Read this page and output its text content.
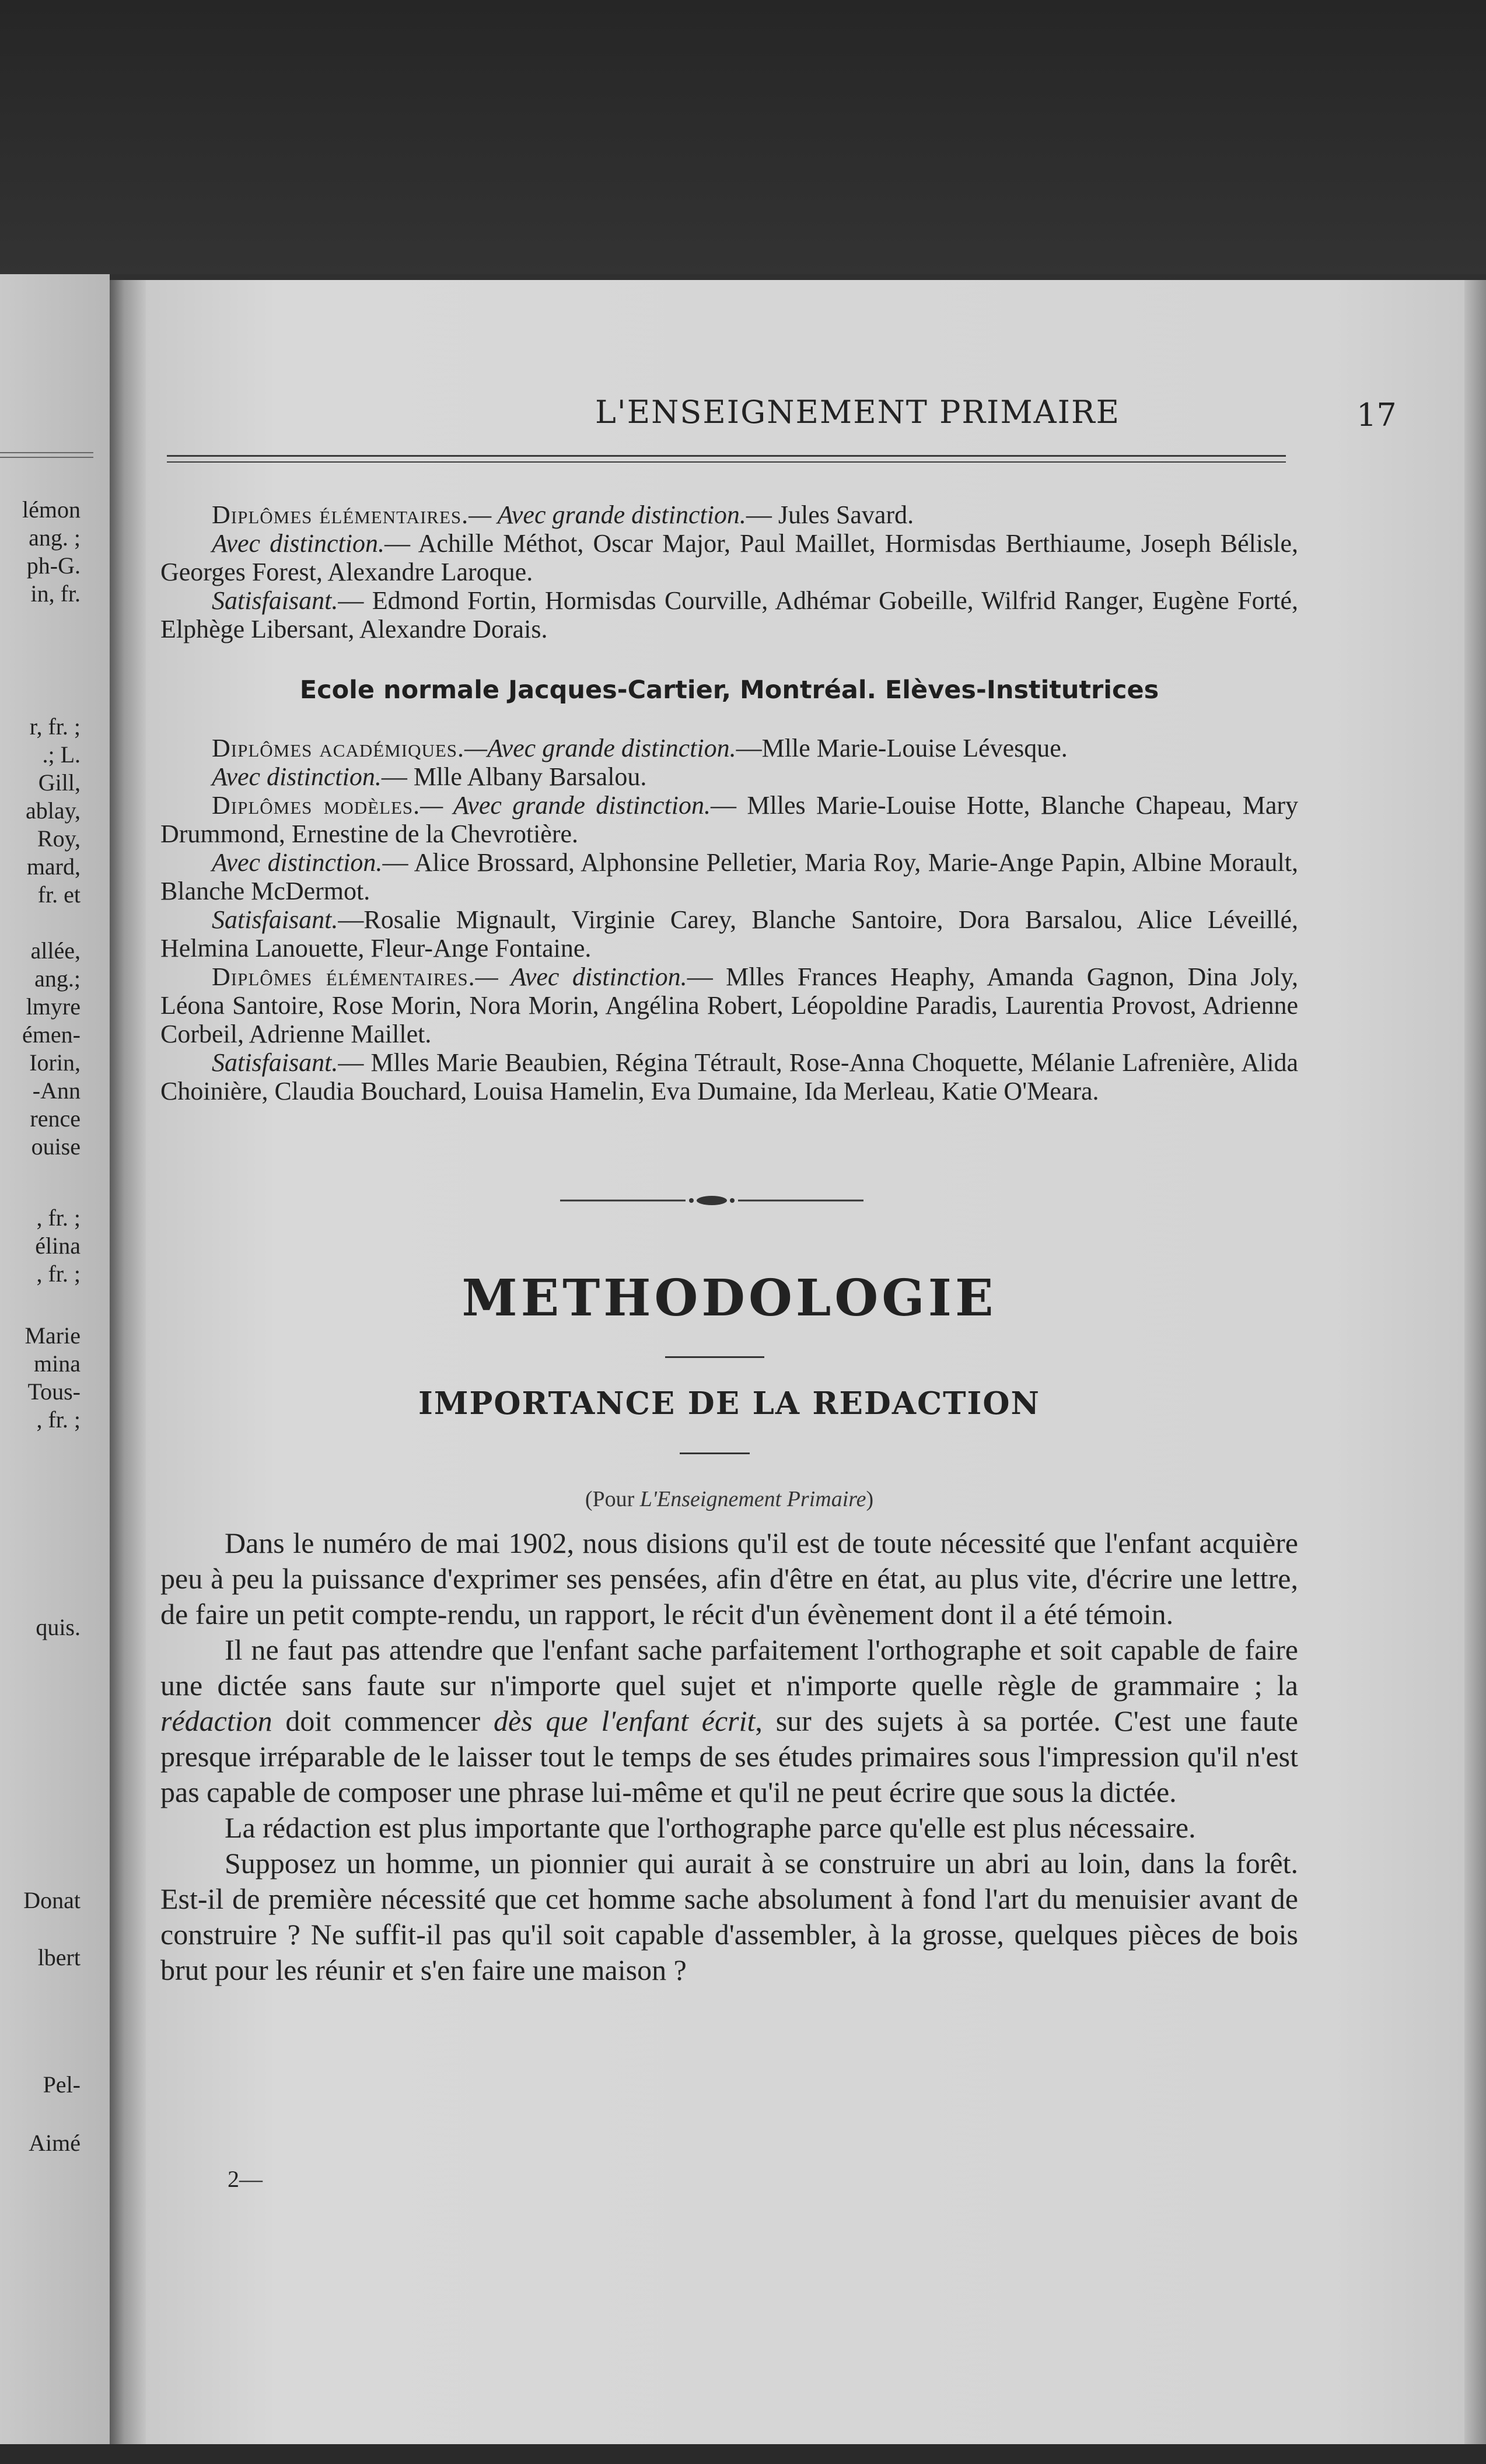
lémon
ang. ;
ph-G.
in, fr.
r, fr. ;
.; L.
Gill,
ablay,
Roy,
mard,
fr. et
allée,
ang.;
lmyre
émen-
Iorin,
-Ann
rence
ouise
, fr. ;
élina
, fr. ;
Marie
mina
Tous-
, fr. ;
quis.
Donat
lbert
Pel-
Aimé
L'ENSEIGNEMENT PRIMAIRE	17

Diplômes élémentaires.— Avec grande distinction.— Jules Savard.

Avec distinction.— Achille Méthot, Oscar Major, Paul Maillet, Hormisdas Berthiaume, Joseph Bélisle, Georges Forest, Alexandre Laroque.

Satisfaisant.— Edmond Fortin, Hormisdas Courville, Adhémar Gobeille, Wilfrid Ranger, Eugène Forté, Elphège Libersant, Alexandre Dorais.

Ecole normale Jacques-Cartier, Montréal. Elèves-Institutrices

Diplômes académiques.—Avec grande distinction.—Mlle Marie-Louise Lévesque.

Avec distinction.— Mlle Albany Barsalou.

Diplômes modèles.— Avec grande distinction.— Mlles Marie-Louise Hotte, Blanche Chapeau, Mary Drummond, Ernestine de la Chevrotière.

Avec distinction.— Alice Brossard, Alphonsine Pelletier, Maria Roy, Marie-Ange Papin, Albine Morault, Blanche McDermot.

Satisfaisant.—Rosalie Mignault, Virginie Carey, Blanche Santoire, Dora Barsalou, Alice Léveillé, Helmina Lanouette, Fleur-Ange Fontaine.

Diplômes élémentaires.— Avec distinction.— Mlles Frances Heaphy, Amanda Gagnon, Dina Joly, Léona Santoire, Rose Morin, Nora Morin, Angélina Robert, Léopoldine Paradis, Laurentia Provost, Adrienne Corbeil, Adrienne Maillet.

Satisfaisant.— Mlles Marie Beaubien, Régina Tétrault, Rose-Anna Choquette, Mélanie Lafrenière, Alida Choinière, Claudia Bouchard, Louisa Hamelin, Eva Dumaine, Ida Merleau, Katie O'Meara.

METHODOLOGIE
IMPORTANCE DE LA REDACTION
(Pour L'Enseignement Primaire)

Dans le numéro de mai 1902, nous disions qu'il est de toute nécessité que l'enfant acquière peu à peu la puissance d'exprimer ses pensées, afin d'être en état, au plus vite, d'écrire une lettre, de faire un petit compte-rendu, un rapport, le récit d'un évènement dont il a été témoin.

Il ne faut pas attendre que l'enfant sache parfaitement l'orthographe et soit capable de faire une dictée sans faute sur n'importe quel sujet et n'importe quelle règle de grammaire ; la rédaction doit commencer dès que l'enfant écrit, sur des sujets à sa portée. C'est une faute presque irréparable de le laisser tout le temps de ses études primaires sous l'impression qu'il n'est pas capable de composer une phrase lui-même et qu'il ne peut écrire que sous la dictée.

La rédaction est plus importante que l'orthographe parce qu'elle est plus nécessaire.

Supposez un homme, un pionnier qui aurait à se construire un abri au loin, dans la forêt. Est-il de première nécessité que cet homme sache absolument à fond l'art du menuisier avant de construire ? Ne suffit-il pas qu'il soit capable d'assembler, à la grosse, quelques pièces de bois brut pour les réunir et s'en faire une maison ?

2—
